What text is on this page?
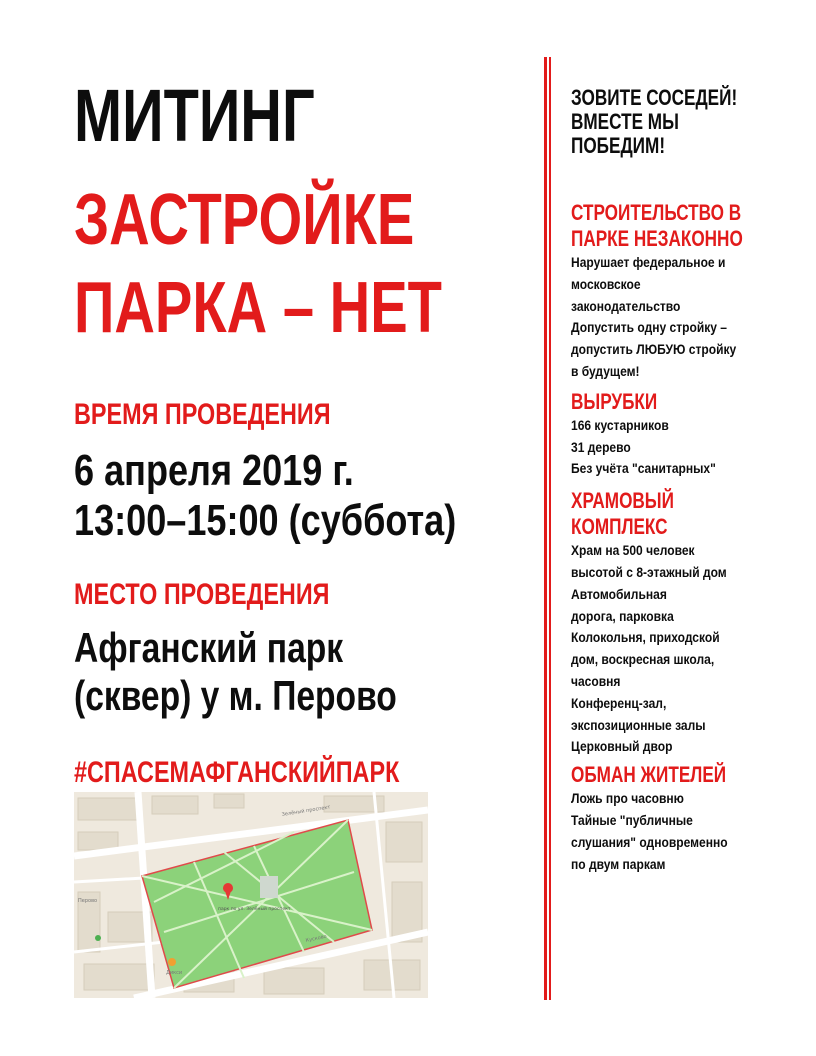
МИТИНГ
ЗАСТРОЙКЕ
ПАРКА – НЕТ
ВРЕМЯ ПРОВЕДЕНИЯ
6 апреля 2019 г.
13:00–15:00 (суббота)
МЕСТО ПРОВЕДЕНИЯ
Афганский парк
(сквер) у м. Перово
#СПАСЕМАФГАНСКИЙПАРК
Зелёный проспект
Кусково
парк по ул. Зелёный проспект
Перово
Дикси
ЗОВИТЕ СОСЕДЕЙ!
ВМЕСТЕ МЫ
ПОБЕДИМ!
СТРОИТЕЛЬСТВО В
ПАРКЕ НЕЗАКОННО
Нарушает федеральное и
московское
законодательство
Допустить одну стройку –
допустить ЛЮБУЮ стройку
в будущем!
ВЫРУБКИ
166 кустарников
31 дерево
Без учёта "санитарных"
ХРАМОВЫЙ
КОМПЛЕКС
Храм на 500 человек
высотой с 8-этажный дом
Автомобильная
дорога, парковка
Колокольня, приходской
дом, воскресная школа,
часовня
Конференц-зал,
экспозиционные залы
Церковный двор
ОБМАН ЖИТЕЛЕЙ
Ложь про часовню
Тайные "публичные
слушания" одновременно
по двум паркам
